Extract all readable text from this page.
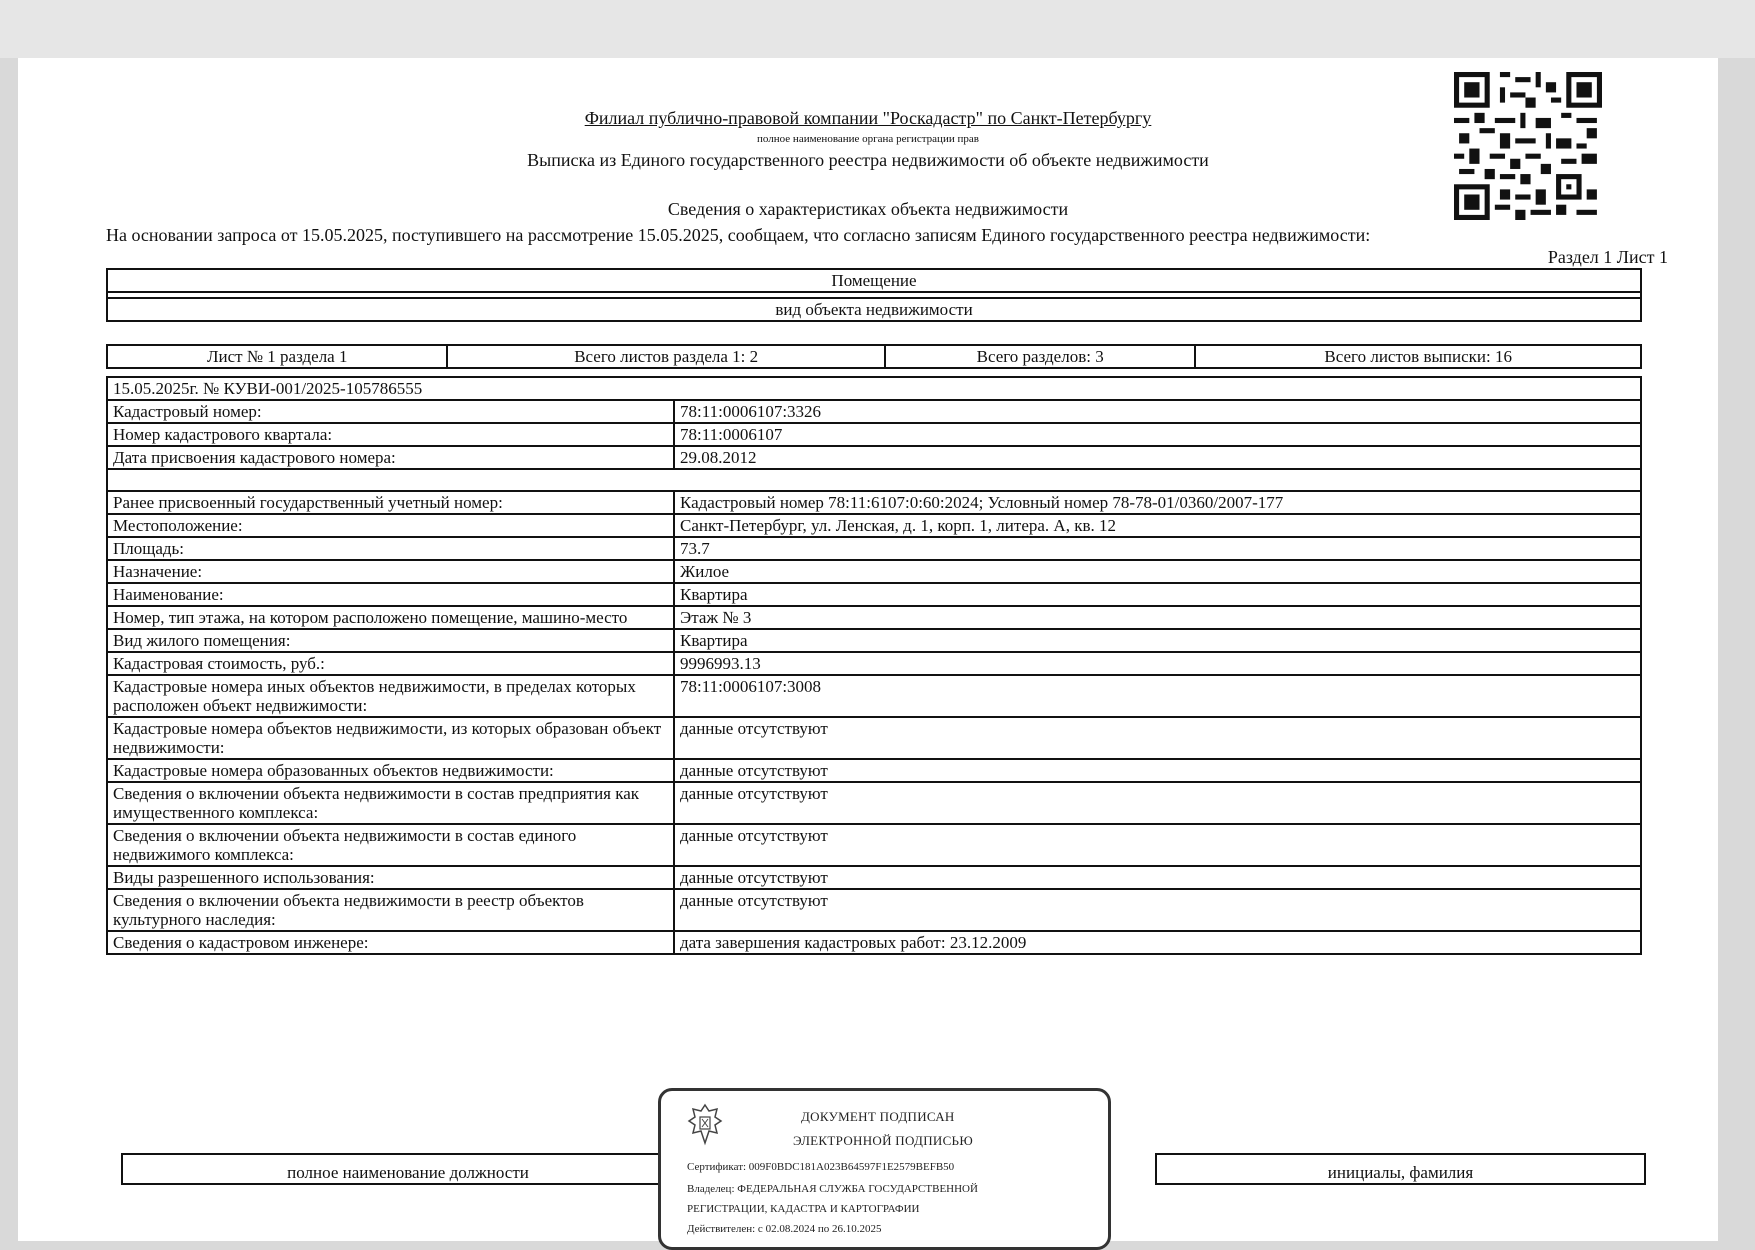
Филиал публично-правовой компании "Роскадастр" по Санкт-Петербургу
полное наименование органа регистрации прав
Выписка из Единого государственного реестра недвижимости об объекте недвижимости
Сведения о характеристиках объекта недвижимости
На основании запроса от 15.05.2025, поступившего на рассмотрение 15.05.2025, сообщаем, что согласно записям Единого государственного реестра недвижимости:
Раздел 1 Лист 1
Помещение

вид объекта недвижимости
Лист № 1 раздела 1	Всего листов раздела 1: 2	Всего разделов: 3	Всего листов выписки: 16
15.05.2025г. № КУВИ-001/2025-105786555	
Кадастровый номер:	78:11:0006107:3326
Номер кадастрового квартала:	78:11:0006107
Дата присвоения кадастрового номера:	29.08.2012

Ранее присвоенный государственный учетный номер:	Кадастровый номер 78:11:6107:0:60:2024; Условный номер 78-78-01/0360/2007-177
Местоположение:	Санкт-Петербург, ул. Ленская, д. 1, корп. 1, литера. А, кв. 12
Площадь:	73.7
Назначение:	Жилое
Наименование:	Квартира
Номер, тип этажа, на котором расположено помещение, машино-место	Этаж № 3
Вид жилого помещения:	Квартира
Кадастровая стоимость, руб.:	9996993.13
Кадастровые номера иных объектов недвижимости, в пределах которых расположен объект недвижимости:	78:11:0006107:3008
Кадастровые номера объектов недвижимости, из которых образован объект недвижимости:	данные отсутствуют
Кадастровые номера образованных объектов недвижимости:	данные отсутствуют
Сведения о включении объекта недвижимости в состав предприятия как имущественного комплекса:	данные отсутствуют
Сведения о включении объекта недвижимости в состав единого недвижимого комплекса:	данные отсутствуют
Виды разрешенного использования:	данные отсутствуют
Сведения о включении объекта недвижимости в реестр объектов культурного наследия:	данные отсутствуют
Сведения о кадастровом инженере:	дата завершения кадастровых работ: 23.12.2009
полное наименование должности		инициалы, фамилия
ДОКУМЕНТ ПОДПИСАН
ЭЛЕКТРОННОЙ ПОДПИСЬЮ
Сертификат: 009F0BDC181A023B64597F1E2579BEFB50
Владелец: ФЕДЕРАЛЬНАЯ СЛУЖБА ГОСУДАРСТВЕННОЙ
РЕГИСТРАЦИИ, КАДАСТРА И КАРТОГРАФИИ
Действителен: с 02.08.2024 по 26.10.2025
